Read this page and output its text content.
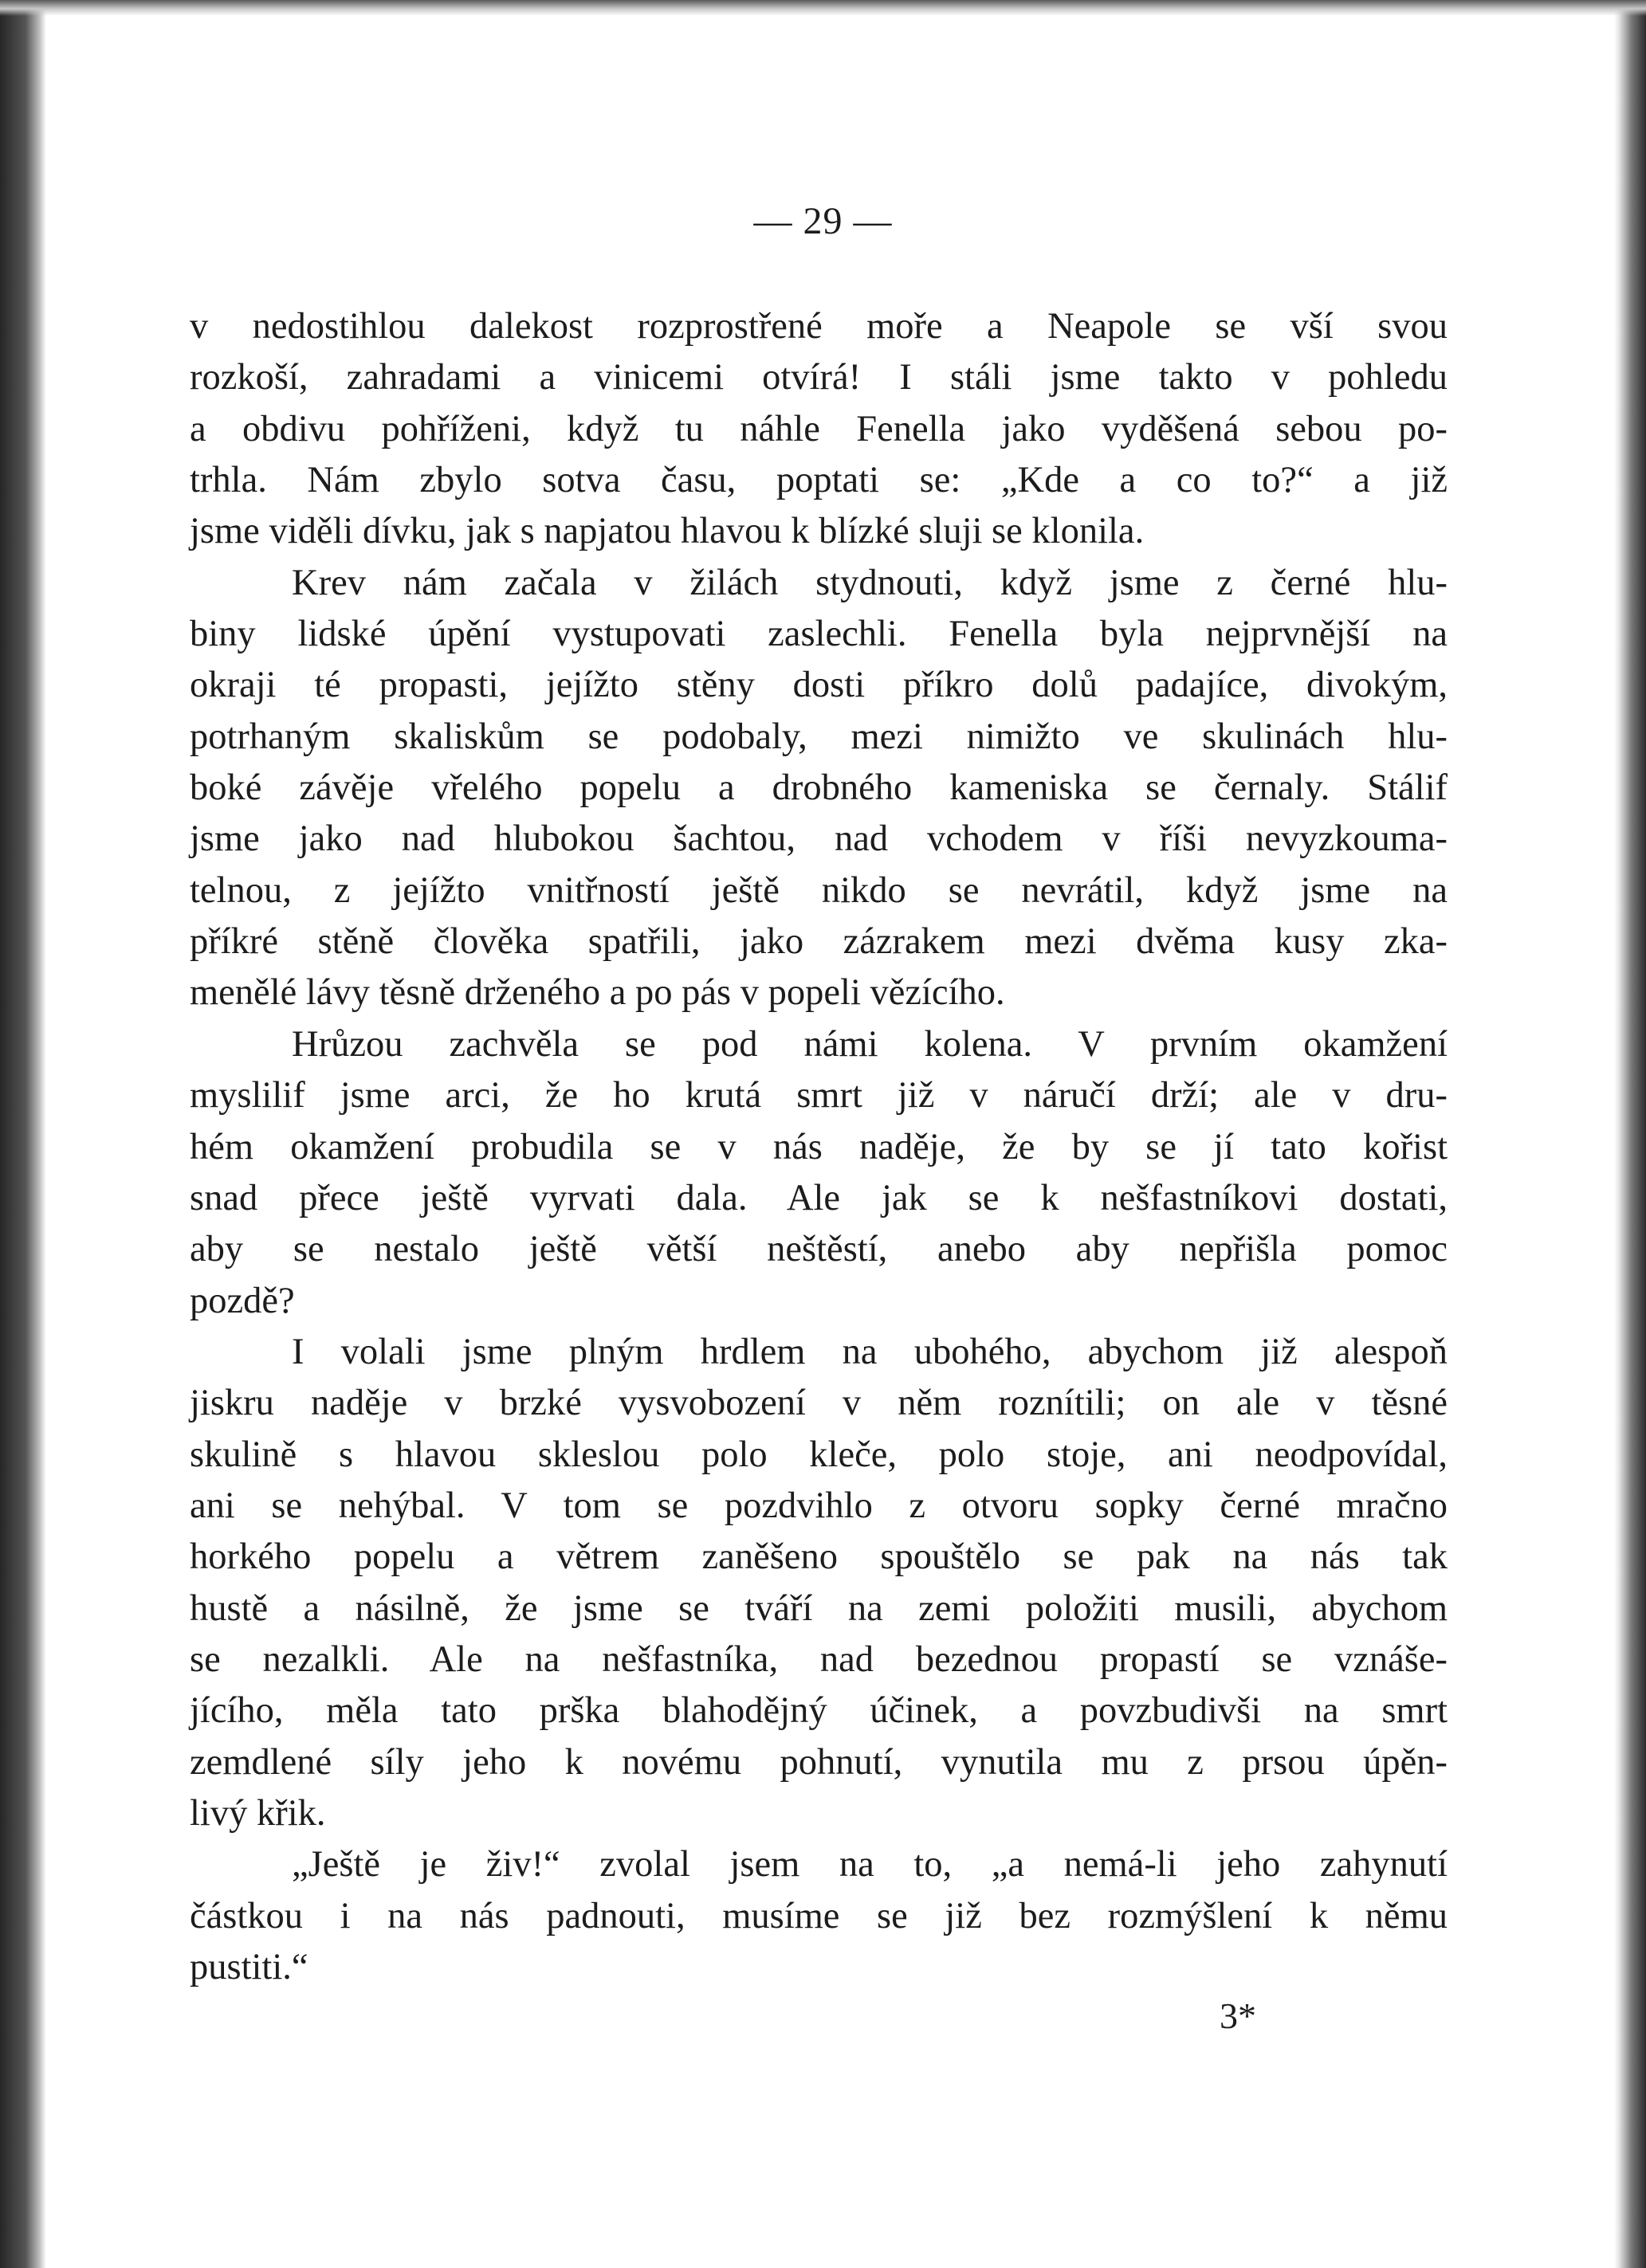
— 29 —
v nedostihlou dalekost rozprostřené moře a Neapole se vší svou
rozkoší, zahradami a vinicemi otvírá! I stáli jsme takto v pohledu
a obdivu pohříženi, když tu náhle Fenella jako vyděšená sebou po-
trhla. Nám zbylo sotva času, poptati se: „Kde a co to?“ a již
jsme viděli dívku, jak s napjatou hlavou k blízké sluji se klonila.
Krev nám začala v žilách stydnouti, když jsme z černé hlu-
biny lidské úpění vystupovati zaslechli. Fenella byla nejprvnější na
okraji té propasti, jejížto stěny dosti příkro dolů padajíce, divokým,
potrhaným skaliskům se podobaly, mezi nimižto ve skulinách hlu-
boké závěje vřelého popelu a drobného kameniska se černaly. Stálif
jsme jako nad hlubokou šachtou, nad vchodem v říši nevyzkouma-
telnou, z jejížto vnitřností ještě nikdo se nevrátil, když jsme na
příkré stěně člověka spatřili, jako zázrakem mezi dvěma kusy zka-
menělé lávy těsně drženého a po pás v popeli vězícího.
Hrůzou zachvěla se pod námi kolena. V prvním okamžení
myslilif jsme arci, že ho krutá smrt již v náručí drží; ale v dru-
hém okamžení probudila se v nás naděje, že by se jí tato kořist
snad přece ještě vyrvati dala. Ale jak se k nešfastníkovi dostati,
aby se nestalo ještě větší neštěstí, anebo aby nepřišla pomoc
pozdě?
I volali jsme plným hrdlem na ubohého, abychom již alespoň
jiskru naděje v brzké vysvobození v něm roznítili; on ale v těsné
skulině s hlavou skleslou polo kleče, polo stoje, ani neodpovídal,
ani se nehýbal. V tom se pozdvihlo z otvoru sopky černé mračno
horkého popelu a větrem zaněšeno spouštělo se pak na nás tak
hustě a násilně, že jsme se tváří na zemi položiti musili, abychom
se nezalkli. Ale na nešfastníka, nad bezednou propastí se vznáše-
jícího, měla tato prška blahodějný účinek, a povzbudivši na smrt
zemdlené síly jeho k novému pohnutí, vynutila mu z prsou úpěn-
livý křik.
„Ještě je živ!“ zvolal jsem na to, „a nemá-li jeho zahynutí
částkou i na nás padnouti, musíme se již bez rozmýšlení k němu
pustiti.“
3*
